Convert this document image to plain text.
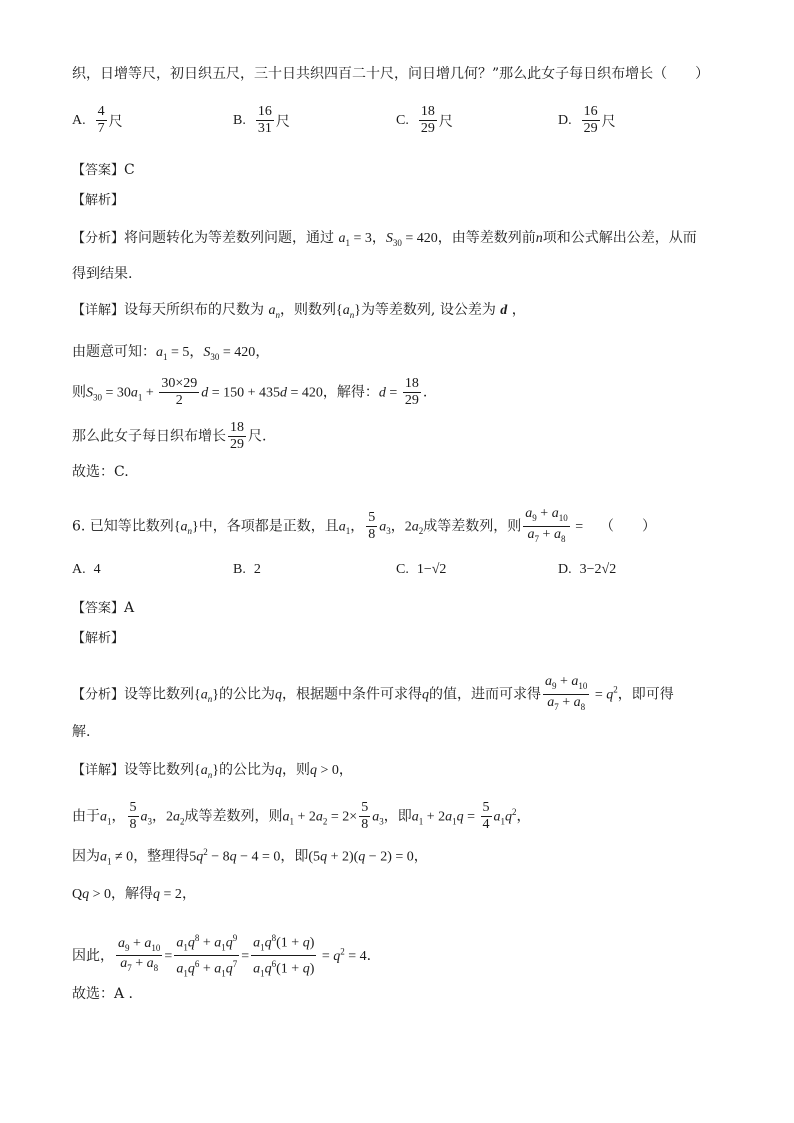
织，日增等尺，初日织五尺，三十日共织四百二十尺，问日增几何？”那么此女子每日织布增长（　　）
A. $\frac{4}{7}$ 尺	B. $\frac{16}{31}$ 尺	C. $\frac{18}{29}$ 尺	D. $\frac{16}{29}$ 尺
【答案】C
【解析】
【分析】将问题转化为等差数列问题，通过 $a_1 = 3$，$S_{30} = 420$，由等差数列前n项和公式解出公差，从而
得到结果.
【详解】设每天所织布的尺数为 $a_n$，则数列$\{a_n\}$为等差数列, 设公差为 d ，
由题意可知：$a_1 = 5$，$S_{30} = 420$，
则$S_{30} = 30a_1 + \frac{30\times 29}{2}$ d = 150 + 435d = 420，解得：$d = \frac{18}{29}$ .
那么此女子每日织布增长 $\frac{18}{29}$ 尺.
故选：C.
6. 已知等比数列$\{a_n\}$中，各项都是正数，且$a_1$， $\frac{5}{8} a_3$，$2a_2$成等差数列，则 $\frac{a_9 + a_{10}}{a_7 + a_8}$ =    （　　）
A. 4	B. 2	C. 1−√2	D. 3−2√2
【答案】A
【解析】
【分析】设等比数列$\{a_n\}$的公比为q，根据题中条件可求得q的值，进而可求得 $\frac{a_9 + a_{10}}{a_7 + a_8} = q^2$，即可得
解.
【详解】设等比数列$\{a_n\}$的公比为q，则q > 0，
由于$a_1$， $\frac{5}{8} a_3$，$2a_2$成等差数列，则$a_1 + 2a_2 = 2\times \frac{5}{8} a_3$，即$a_1 + 2a_1q = \frac{5}{4} a_1q^2$，
因为$a_1 \ne 0$，整理得$5q^2 - 8q - 4 = 0$，即(5q + 2)(q − 2) = 0，
Qq > 0，解得q = 2，
因此， $\frac{a_9 + a_{10}}{a_7 + a_8} = \frac{a_1q^8 + a_1q^9}{a_1q^6 + a_1q^7} = \frac{a_1q^8(1 + q)}{a_1q^6(1 + q)} = q^2 = 4$.
故选：A .
